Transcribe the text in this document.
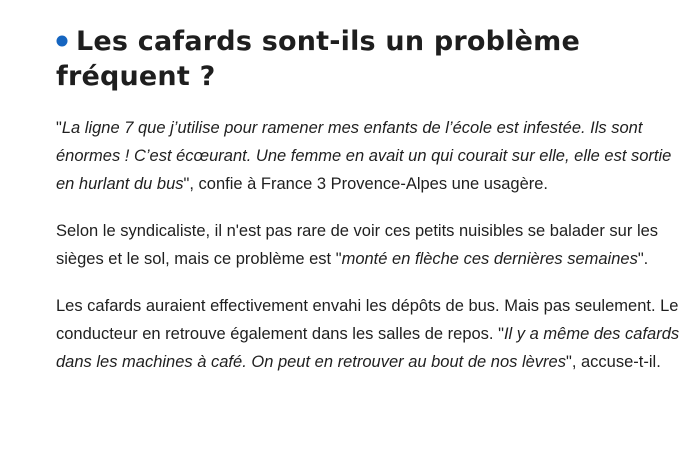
Les cafards sont-ils un problème fréquent ?

"La ligne 7 que j’utilise pour ramener mes enfants de l’école est infestée. Ils sont énormes ! C’est écœurant. Une femme en avait un qui courait sur elle, elle est sortie en hurlant du bus", confie à France 3 Provence-Alpes une usagère.

Selon le syndicaliste, il n'est pas rare de voir ces petits nuisibles se balader sur les sièges et le sol, mais ce problème est "monté en flèche ces dernières semaines".

Les cafards auraient effectivement envahi les dépôts de bus. Mais pas seulement. Le conducteur en retrouve également dans les salles de repos. "Il y a même des cafards dans les machines à café. On peut en retrouver au bout de nos lèvres", accuse-t-il.
